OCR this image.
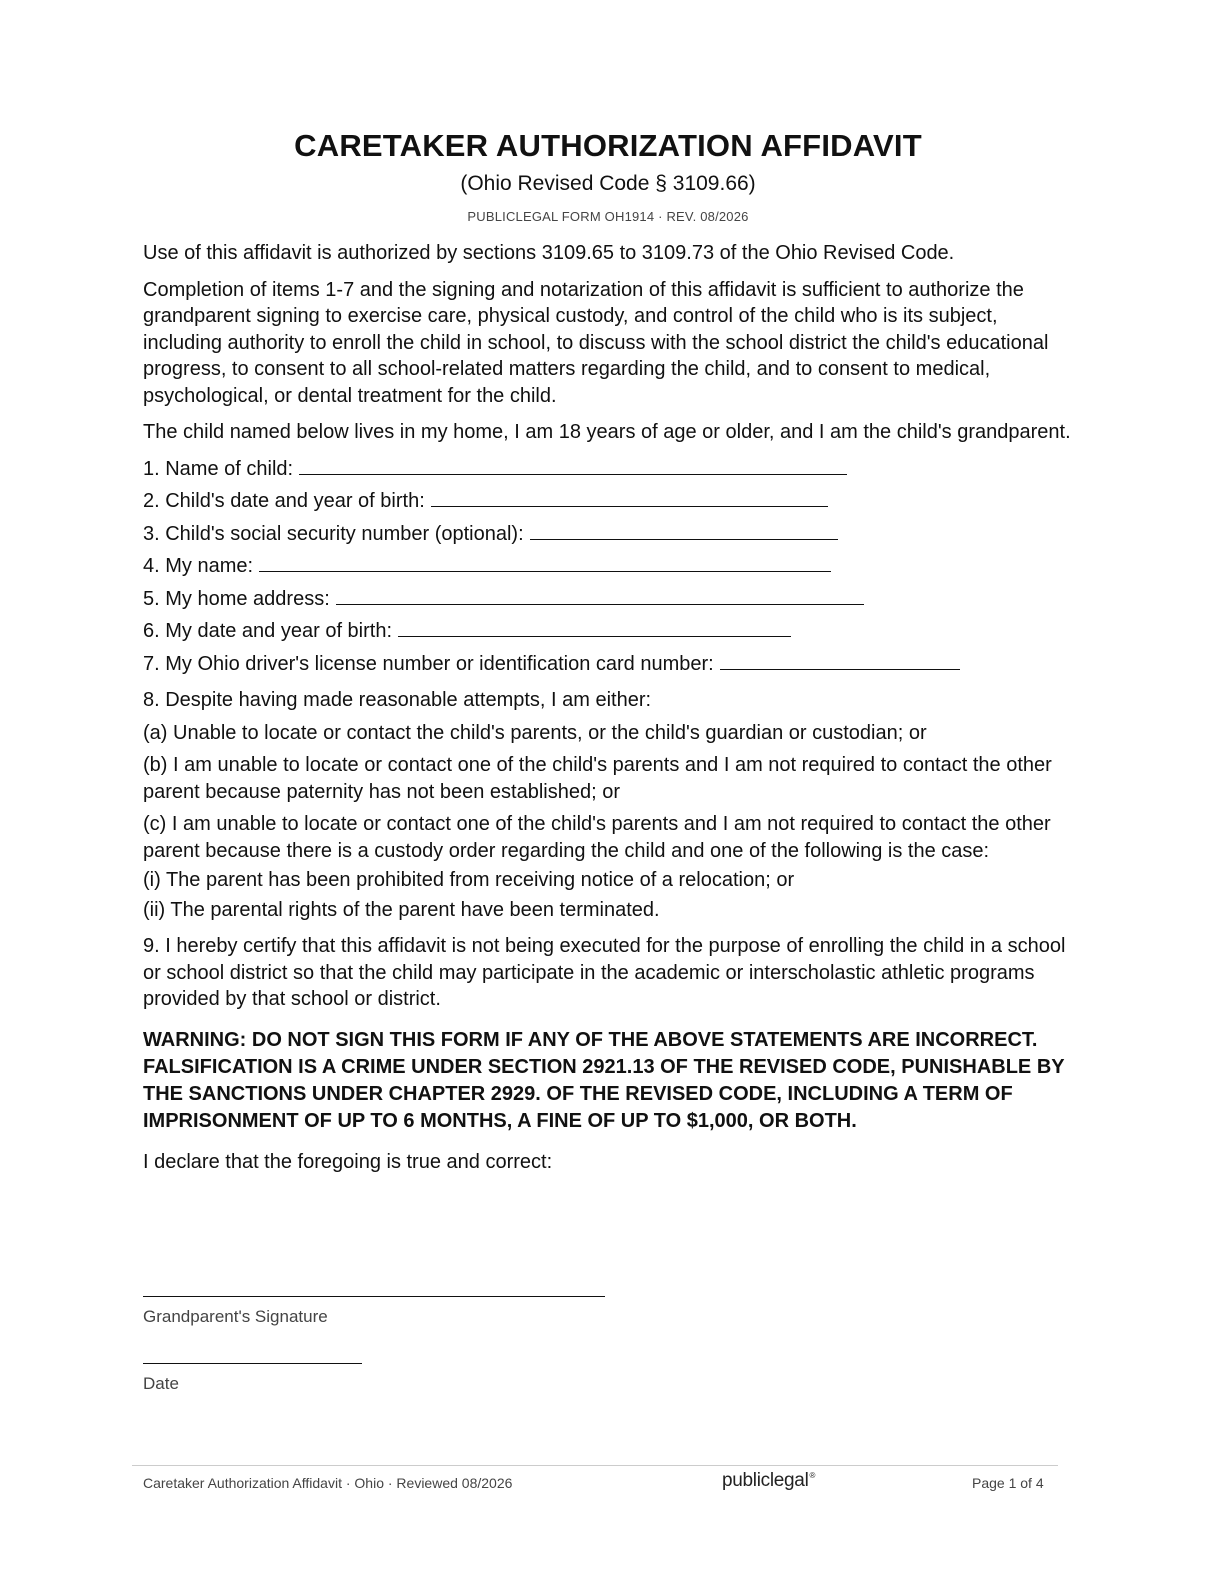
CARETAKER AUTHORIZATION AFFIDAVIT
(Ohio Revised Code § 3109.66)
PUBLICLEGAL FORM OH1914 · REV. 08/2026

Use of this affidavit is authorized by sections 3109.65 to 3109.73 of the Ohio Revised Code.

Completion of items 1-7 and the signing and notarization of this affidavit is sufficient to authorize the grandparent signing to exercise care, physical custody, and control of the child who is its subject, including authority to enroll the child in school, to discuss with the school district the child's educational progress, to consent to all school-related matters regarding the child, and to consent to medical, psychological, or dental treatment for the child.

The child named below lives in my home, I am 18 years of age or older, and I am the child's grandparent.

1. Name of child:
2. Child's date and year of birth:
3. Child's social security number (optional):
4. My name:
5. My home address:
6. My date and year of birth:
7. My Ohio driver's license number or identification card number:

8. Despite having made reasonable attempts, I am either:

(a) Unable to locate or contact the child's parents, or the child's guardian or custodian; or

(b) I am unable to locate or contact one of the child's parents and I am not required to contact the other parent because paternity has not been established; or

(c) I am unable to locate or contact one of the child's parents and I am not required to contact the other parent because there is a custody order regarding the child and one of the following is the case:

(i) The parent has been prohibited from receiving notice of a relocation; or

(ii) The parental rights of the parent have been terminated.

9. I hereby certify that this affidavit is not being executed for the purpose of enrolling the child in a school or school district so that the child may participate in the academic or interscholastic athletic programs provided by that school or district.

WARNING: DO NOT SIGN THIS FORM IF ANY OF THE ABOVE STATEMENTS ARE INCORRECT. FALSIFICATION IS A CRIME UNDER SECTION 2921.13 OF THE REVISED CODE, PUNISHABLE BY THE SANCTIONS UNDER CHAPTER 2929. OF THE REVISED CODE, INCLUDING A TERM OF IMPRISONMENT OF UP TO 6 MONTHS, A FINE OF UP TO $1,000, OR BOTH.

I declare that the foregoing is true and correct:

Grandparent's Signature
Date
Caretaker Authorization Affidavit · Ohio · Reviewed 08/2026	publiclegal®	Page 1 of 4
